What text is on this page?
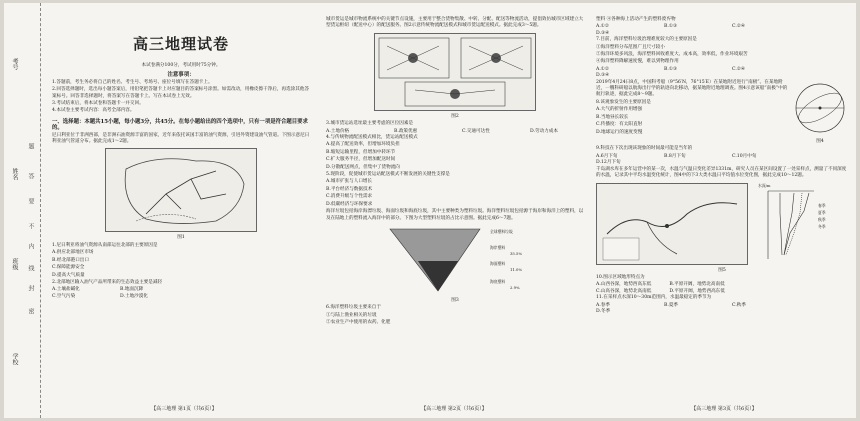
考号
姓名
班级
学校
题
答
要
不
内
线
封
密
高三地理试卷

本试卷满分100分，考试用时75分钟。

注意事项：

1.答题前，考生务必将自己的姓名、考生号、考场号、座位号填写在答题卡上。

2.回答选择题时，选出每小题答案后，用铅笔把答题卡上对应题目的答案标号涂黑。如需改动，用橡皮擦干净后，再选涂其他答案标号。回答非选择题时，将答案写在答题卡上。写在本试卷上无效。

3.考试结束后，将本试卷和答题卡一并交回。

4.本试卷主要考试内容：高考全部内容。

一、选择题：本题共15小题，每小题3分，共45分。在每小题给出的四个选项中，只有一项是符合题目要求的。

尼日利亚位于非洲西部，是非洲石油资源丰富的国家，近年来依托该国丰富的油气资源，引进外资建设油气管道。下图示意尼日利亚油气管道分布。据此完成1～2题。

图1

1.尼日利亚将油气资源从南部运往北部的主要原因是

A.供应北部地区市场

B.经北部港口出口

C.保障能源安全

D.提高大气质量

2.北部地区输入油气产品所带来的生态效益主要是减轻

A.土壤盐碱化	B.地面沉降
C.空气污染	D.土地沙漠化
【高三地理 第1页（共6页）】

城市货运是城市物流系统中的关键节点设施，主要用于整合货物集散、中转、分配、配送等物流活动，提倡效仿城市区域建立大型货运枢纽（配送中心）的配送服务。图2示意传统物流配送模式和城市货运配送模式。据此完成3～5题。

图2

3.城市货运站选址最主要考虑的区位因素是

A.土地价格	B.政策优惠	C.交通可达性	D.劳动力成本

4.与传统物流配送模式相比，货运站配送模式

A.提高了配送效率，但增加环境负担

B.缩短运输里程，但增加中转环节

C.扩大服务半径，但增加配送时间

D.分散配送网点，但集中了货物流向

5.现阶段，促使城市货运站配送模式不断发展的关键性支撑是

A.城市扩张与人口增长

B.平台经济与数据技术

C.消费升级与个性需求

D.低碳经济与环保要求

海洋垃圾包括海岸海漂垃圾、海面垃圾和海底垃圾，其中主要种类为塑料垃圾。海洋塑料垃圾包括源于海岸和海洋上的塑料，以及在陆地上的塑料流入海洋中的部分。下图为大型塑料垃圾的占比示意图。据此完成6～7题。

全球塑料垃圾
海岸塑料
35.5%
海面塑料
11.0%
海底塑料
2.9%

图3

6.海洋塑料垃圾主要来自于

①与陆上渔业相关的垃圾

②农业生产中使用的农药、化肥

【高三地理 第2页（共6页）】

塑料 ④各种海上活动产生的塑料废弃物

A.①②	B.①③	C.②④
D.③④

7.目前，海洋塑料垃圾治理难度较大的主要原因是

①海洋塑料分布范围广且尺寸较小

②海洋环境多风浪，海洋塑料回收难度大、成本高，效率低，作业环境艰苦

④海洋塑料降解速度慢，难以到物理作用

A.①②	B.①③	C.②④
D.③④

2019年4月24日8点，中国科考船（9°56′N，76°15′E）在某地附近进行“南极”。在某地附近，一艘科研船以航海出行学的轨迹向北移动，据某地附近地理调查。图4示意该船“南极”中的航行轨迹，据此完成8～9题。

8.该观象发生的主要原因是

A.大气的折射作用增强

B.当地昼长较长

C.传播度：有太阳直射

D.地球运行的速度变慢

图4

9.科技在下次出现该现象的时间最可能是当年的

A.6月下旬	B.8月下旬	C.10月中旬
D.12月下旬

千岛湖水库在多年运营中的某一次，水温与气温日变化差异1331m，研究人员在某区间设置了一处采样点，测量了不同深度的水温，记录其中平均水温变化统计，图4中的下3大类水温日平均值水位变化图，据此完成10～12题。

水深/m
春季
夏季
秋季
冬季

图5

10.图示区域地形特点为

A.山西谷深，地势西高东低	B.平原开阔，地势北高南低
C.山高谷深，地势北高南低	D.平原开阔，地势西高东低

11.在采样点水深10～30m范围内，水温最稳定的季节为

A.春季	B.夏季	C.秋季
D.冬季
【高三地理 第3页（共6页）】
